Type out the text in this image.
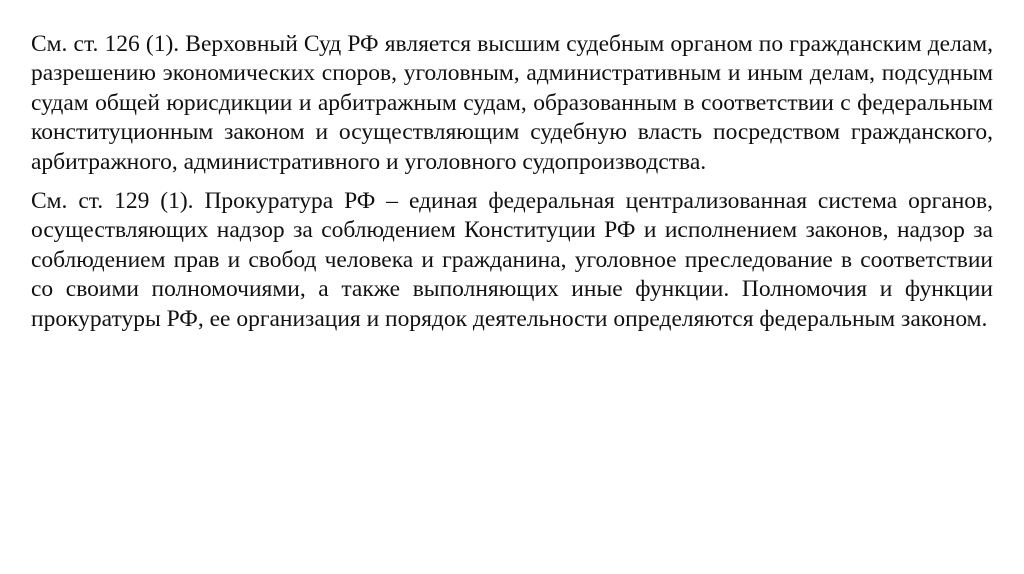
См. ст. 126 (1). Верховный Суд РФ является высшим судебным органом по гражданским делам, разрешению экономических споров, уголовным, административным и иным делам, подсудным судам общей юрисдикции и арбитражным судам, образованным в соответствии с федеральным конституционным законом и осуществляющим судебную власть посредством гражданского, арбитражного, административного и уголовного судопроизводства.

См. ст. 129 (1). Прокуратура РФ – единая федеральная централизованная система органов, осуществляющих надзор за соблюдением Конституции РФ и исполнением законов, надзор за соблюдением прав и свобод человека и гражданина, уголовное преследование в соответствии со своими полномочиями, а также выполняющих иные функции. Полномочия и функции прокуратуры РФ, ее организация и порядок деятельности определяются федеральным законом.
